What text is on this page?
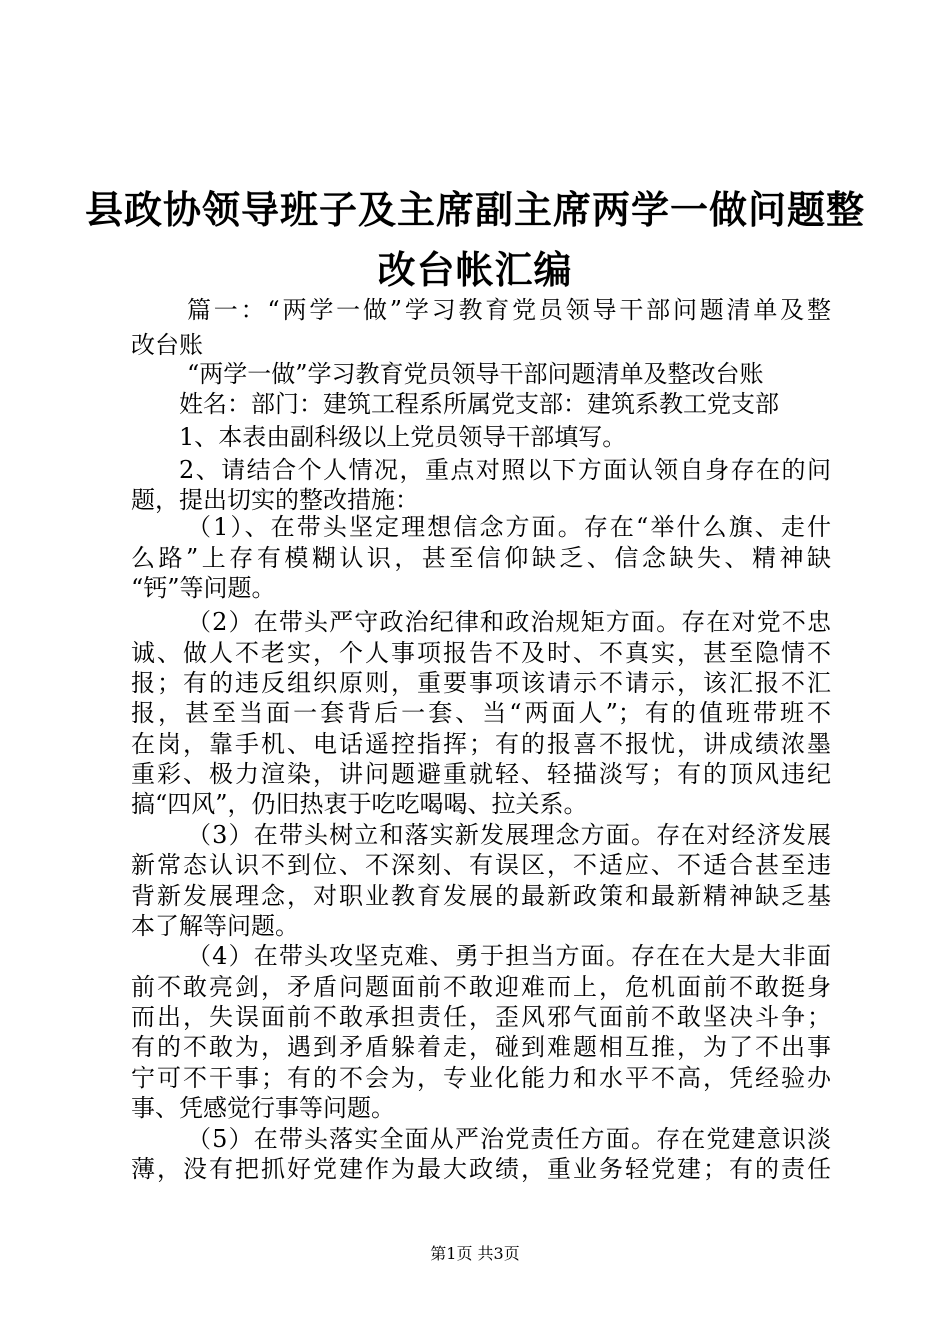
县政协领导班子及主席副主席两学一做问题整
改台帐汇编
篇一：“两学一做”学习教育党员领导干部问题清单及整
改台账
“两学一做”学习教育党员领导干部问题清单及整改台账
姓名：部门：建筑工程系所属党支部：建筑系教工党支部
1、本表由副科级以上党员领导干部填写。
2、请结合个人情况，重点对照以下方面认领自身存在的问
题，提出切实的整改措施：
（1）、在带头坚定理想信念方面。存在“举什么旗、走什
么路”上存有模糊认识，甚至信仰缺乏、信念缺失、精神缺
“钙”等问题。
（2）在带头严守政治纪律和政治规矩方面。存在对党不忠
诚、做人不老实，个人事项报告不及时、不真实，甚至隐情不
报；有的违反组织原则，重要事项该请示不请示，该汇报不汇
报，甚至当面一套背后一套、当“两面人”；有的值班带班不
在岗，靠手机、电话遥控指挥；有的报喜不报忧，讲成绩浓墨
重彩、极力渲染，讲问题避重就轻、轻描淡写；有的顶风违纪
搞“四风”，仍旧热衷于吃吃喝喝、拉关系。
（3）在带头树立和落实新发展理念方面。存在对经济发展
新常态认识不到位、不深刻、有误区，不适应、不适合甚至违
背新发展理念，对职业教育发展的最新政策和最新精神缺乏基
本了解等问题。
（4）在带头攻坚克难、勇于担当方面。存在在大是大非面
前不敢亮剑，矛盾问题面前不敢迎难而上，危机面前不敢挺身
而出，失误面前不敢承担责任，歪风邪气面前不敢坚决斗争；
有的不敢为，遇到矛盾躲着走，碰到难题相互推，为了不出事
宁可不干事；有的不会为，专业化能力和水平不高，凭经验办
事、凭感觉行事等问题。
（5）在带头落实全面从严治党责任方面。存在党建意识淡
薄，没有把抓好党建作为最大政绩，重业务轻党建；有的责任
第1页 共3页
